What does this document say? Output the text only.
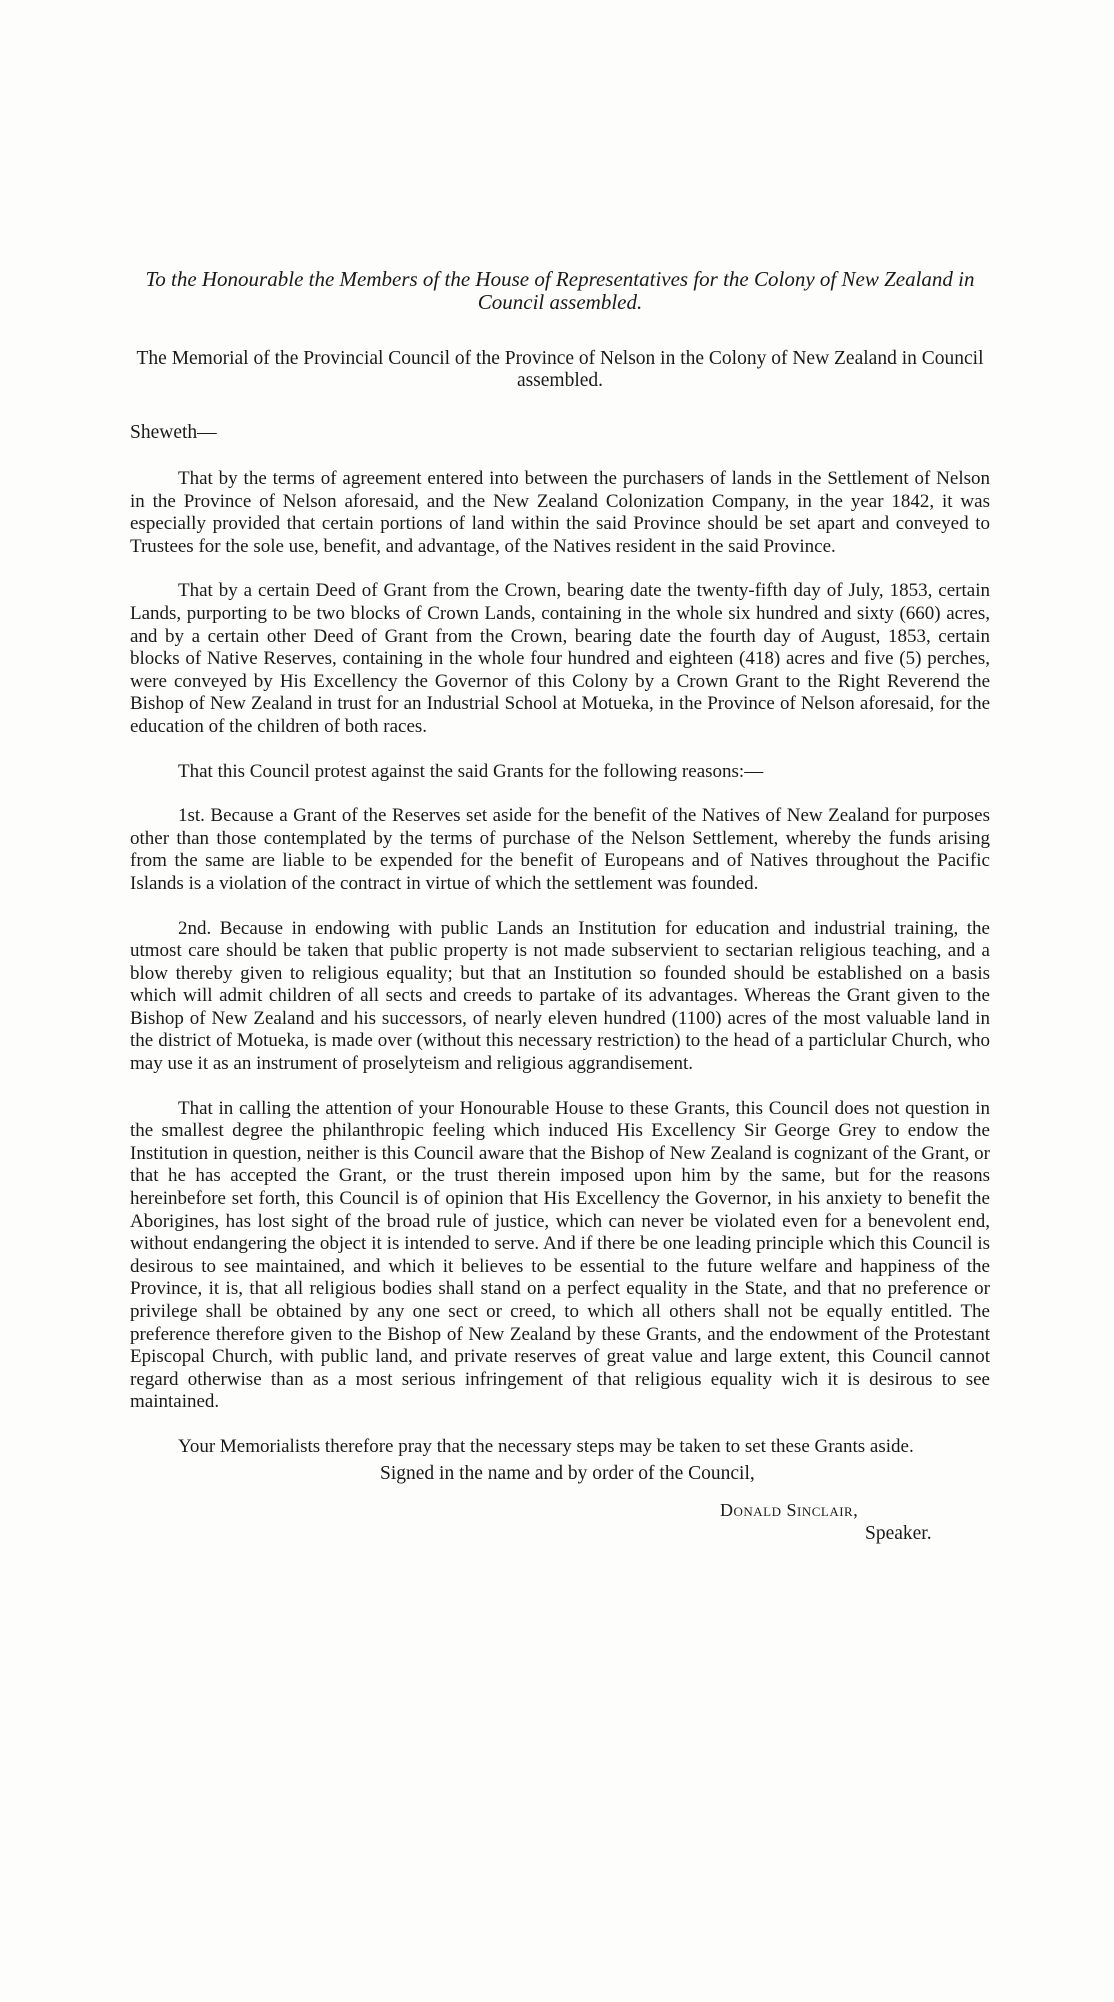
To the Honourable the Members of the House of Representatives for the Colony of New Zealand in Council assembled.

The Memorial of the Provincial Council of the Province of Nelson in the Colony of New Zealand in Council assembled.

Sheweth—

That by the terms of agreement entered into between the purchasers of lands in the Settlement of Nelson in the Province of Nelson aforesaid, and the New Zealand Colonization Company, in the year 1842, it was especially provided that certain portions of land within the said Province should be set apart and conveyed to Trustees for the sole use, benefit, and advantage, of the Natives resident in the said Province.

That by a certain Deed of Grant from the Crown, bearing date the twenty-fifth day of July, 1853, certain Lands, purporting to be two blocks of Crown Lands, containing in the whole six hundred and sixty (660) acres, and by a certain other Deed of Grant from the Crown, bearing date the fourth day of August, 1853, certain blocks of Native Reserves, containing in the whole four hundred and eighteen (418) acres and five (5) perches, were conveyed by His Excellency the Governor of this Colony by a Crown Grant to the Right Reverend the Bishop of New Zealand in trust for an Industrial School at Motueka, in the Province of Nelson aforesaid, for the education of the children of both races.

That this Council protest against the said Grants for the following reasons:—

1st. Because a Grant of the Reserves set aside for the benefit of the Natives of New Zealand for purposes other than those contemplated by the terms of purchase of the Nelson Settlement, whereby the funds arising from the same are liable to be expended for the benefit of Europeans and of Natives throughout the Pacific Islands is a violation of the contract in virtue of which the settlement was founded.

2nd. Because in endowing with public Lands an Institution for education and industrial training, the utmost care should be taken that public property is not made subservient to sectarian religious teaching, and a blow thereby given to religious equality; but that an Institution so founded should be established on a basis which will admit children of all sects and creeds to partake of its advantages. Whereas the Grant given to the Bishop of New Zealand and his successors, of nearly eleven hundred (1100) acres of the most valuable land in the district of Motueka, is made over (without this necessary restriction) to the head of a particlular Church, who may use it as an instrument of proselyteism and religious aggrandisement.

That in calling the attention of your Honourable House to these Grants, this Council does not question in the smallest degree the philanthropic feeling which induced His Excellency Sir George Grey to endow the Institution in question, neither is this Council aware that the Bishop of New Zealand is cognizant of the Grant, or that he has accepted the Grant, or the trust therein imposed upon him by the same, but for the reasons hereinbefore set forth, this Council is of opinion that His Excellency the Governor, in his anxiety to benefit the Aborigines, has lost sight of the broad rule of justice, which can never be violated even for a benevolent end, without endangering the object it is intended to serve. And if there be one leading principle which this Council is desirous to see maintained, and which it believes to be essential to the future welfare and happiness of the Province, it is, that all religious bodies shall stand on a perfect equality in the State, and that no preference or privilege shall be obtained by any one sect or creed, to which all others shall not be equally entitled. The preference therefore given to the Bishop of New Zealand by these Grants, and the endowment of the Protestant Episcopal Church, with public land, and private reserves of great value and large extent, this Council cannot regard otherwise than as a most serious infringement of that religious equality wich it is desirous to see maintained.

Your Memorialists therefore pray that the necessary steps may be taken to set these Grants aside.

Signed in the name and by order of the Council,

Donald Sinclair,

Speaker.
